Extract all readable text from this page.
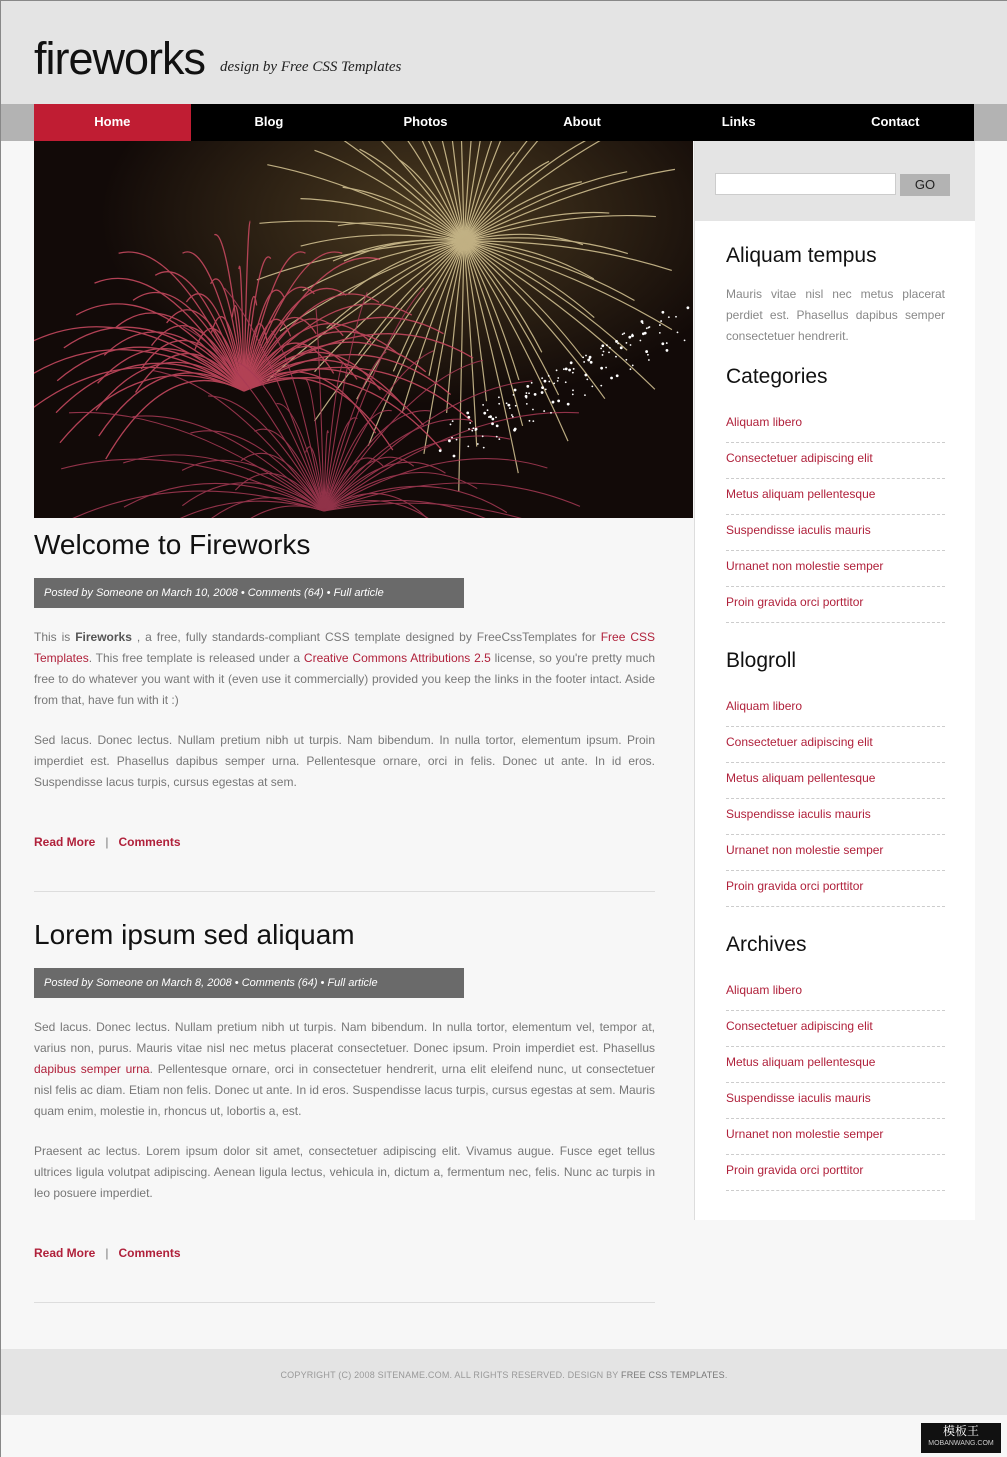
fireworks design by Free CSS Templates
Home	Blog	Photos	About	Links	Contact
Welcome to Fireworks
Posted by Someone on March 10, 2008 • Comments (64) • Full article

This is Fireworks , a free, fully standards-compliant CSS template designed by FreeCssTemplates for Free CSS Templates. This free template is released under a Creative Commons Attributions 2.5 license, so you're pretty much free to do whatever you want with it (even use it commercially) provided you keep the links in the footer intact. Aside from that, have fun with it :)

Sed lacus. Donec lectus. Nullam pretium nibh ut turpis. Nam bibendum. In nulla tortor, elementum ipsum. Proin imperdiet est. Phasellus dapibus semper urna. Pellentesque ornare, orci in felis. Donec ut ante. In id eros. Suspendisse lacus turpis, cursus egestas at sem.

Read More | Comments
Lorem ipsum sed aliquam
Posted by Someone on March 8, 2008 • Comments (64) • Full article

Sed lacus. Donec lectus. Nullam pretium nibh ut turpis. Nam bibendum. In nulla tortor, elementum vel, tempor at, varius non, purus. Mauris vitae nisl nec metus placerat consectetuer. Donec ipsum. Proin imperdiet est. Phasellus dapibus semper urna. Pellentesque ornare, orci in consectetuer hendrerit, urna elit eleifend nunc, ut consectetuer nisl felis ac diam. Etiam non felis. Donec ut ante. In id eros. Suspendisse lacus turpis, cursus egestas at sem. Mauris quam enim, molestie in, rhoncus ut, lobortis a, est.

Praesent ac lectus. Lorem ipsum dolor sit amet, consectetuer adipiscing elit. Vivamus augue. Fusce eget tellus ultrices ligula volutpat adipiscing. Aenean ligula lectus, vehicula in, dictum a, fermentum nec, felis. Nunc ac turpis in leo posuere imperdiet.

Read More | Comments
GO
Aliquam tempus

Mauris vitae nisl nec metus placerat perdiet est. Phasellus dapibus semper consectetuer hendrerit.

Categories
Aliquam libero
Consectetuer adipiscing elit
Metus aliquam pellentesque
Suspendisse iaculis mauris
Urnanet non molestie semper
Proin gravida orci porttitor
Blogroll
Aliquam libero
Consectetuer adipiscing elit
Metus aliquam pellentesque
Suspendisse iaculis mauris
Urnanet non molestie semper
Proin gravida orci porttitor
Archives
Aliquam libero
Consectetuer adipiscing elit
Metus aliquam pellentesque
Suspendisse iaculis mauris
Urnanet non molestie semper
Proin gravida orci porttitor
COPYRIGHT (C) 2008 SITENAME.COM. ALL RIGHTS RESERVED. DESIGN BY FREE CSS TEMPLATES.
模板王
MOBANWANG.COM
